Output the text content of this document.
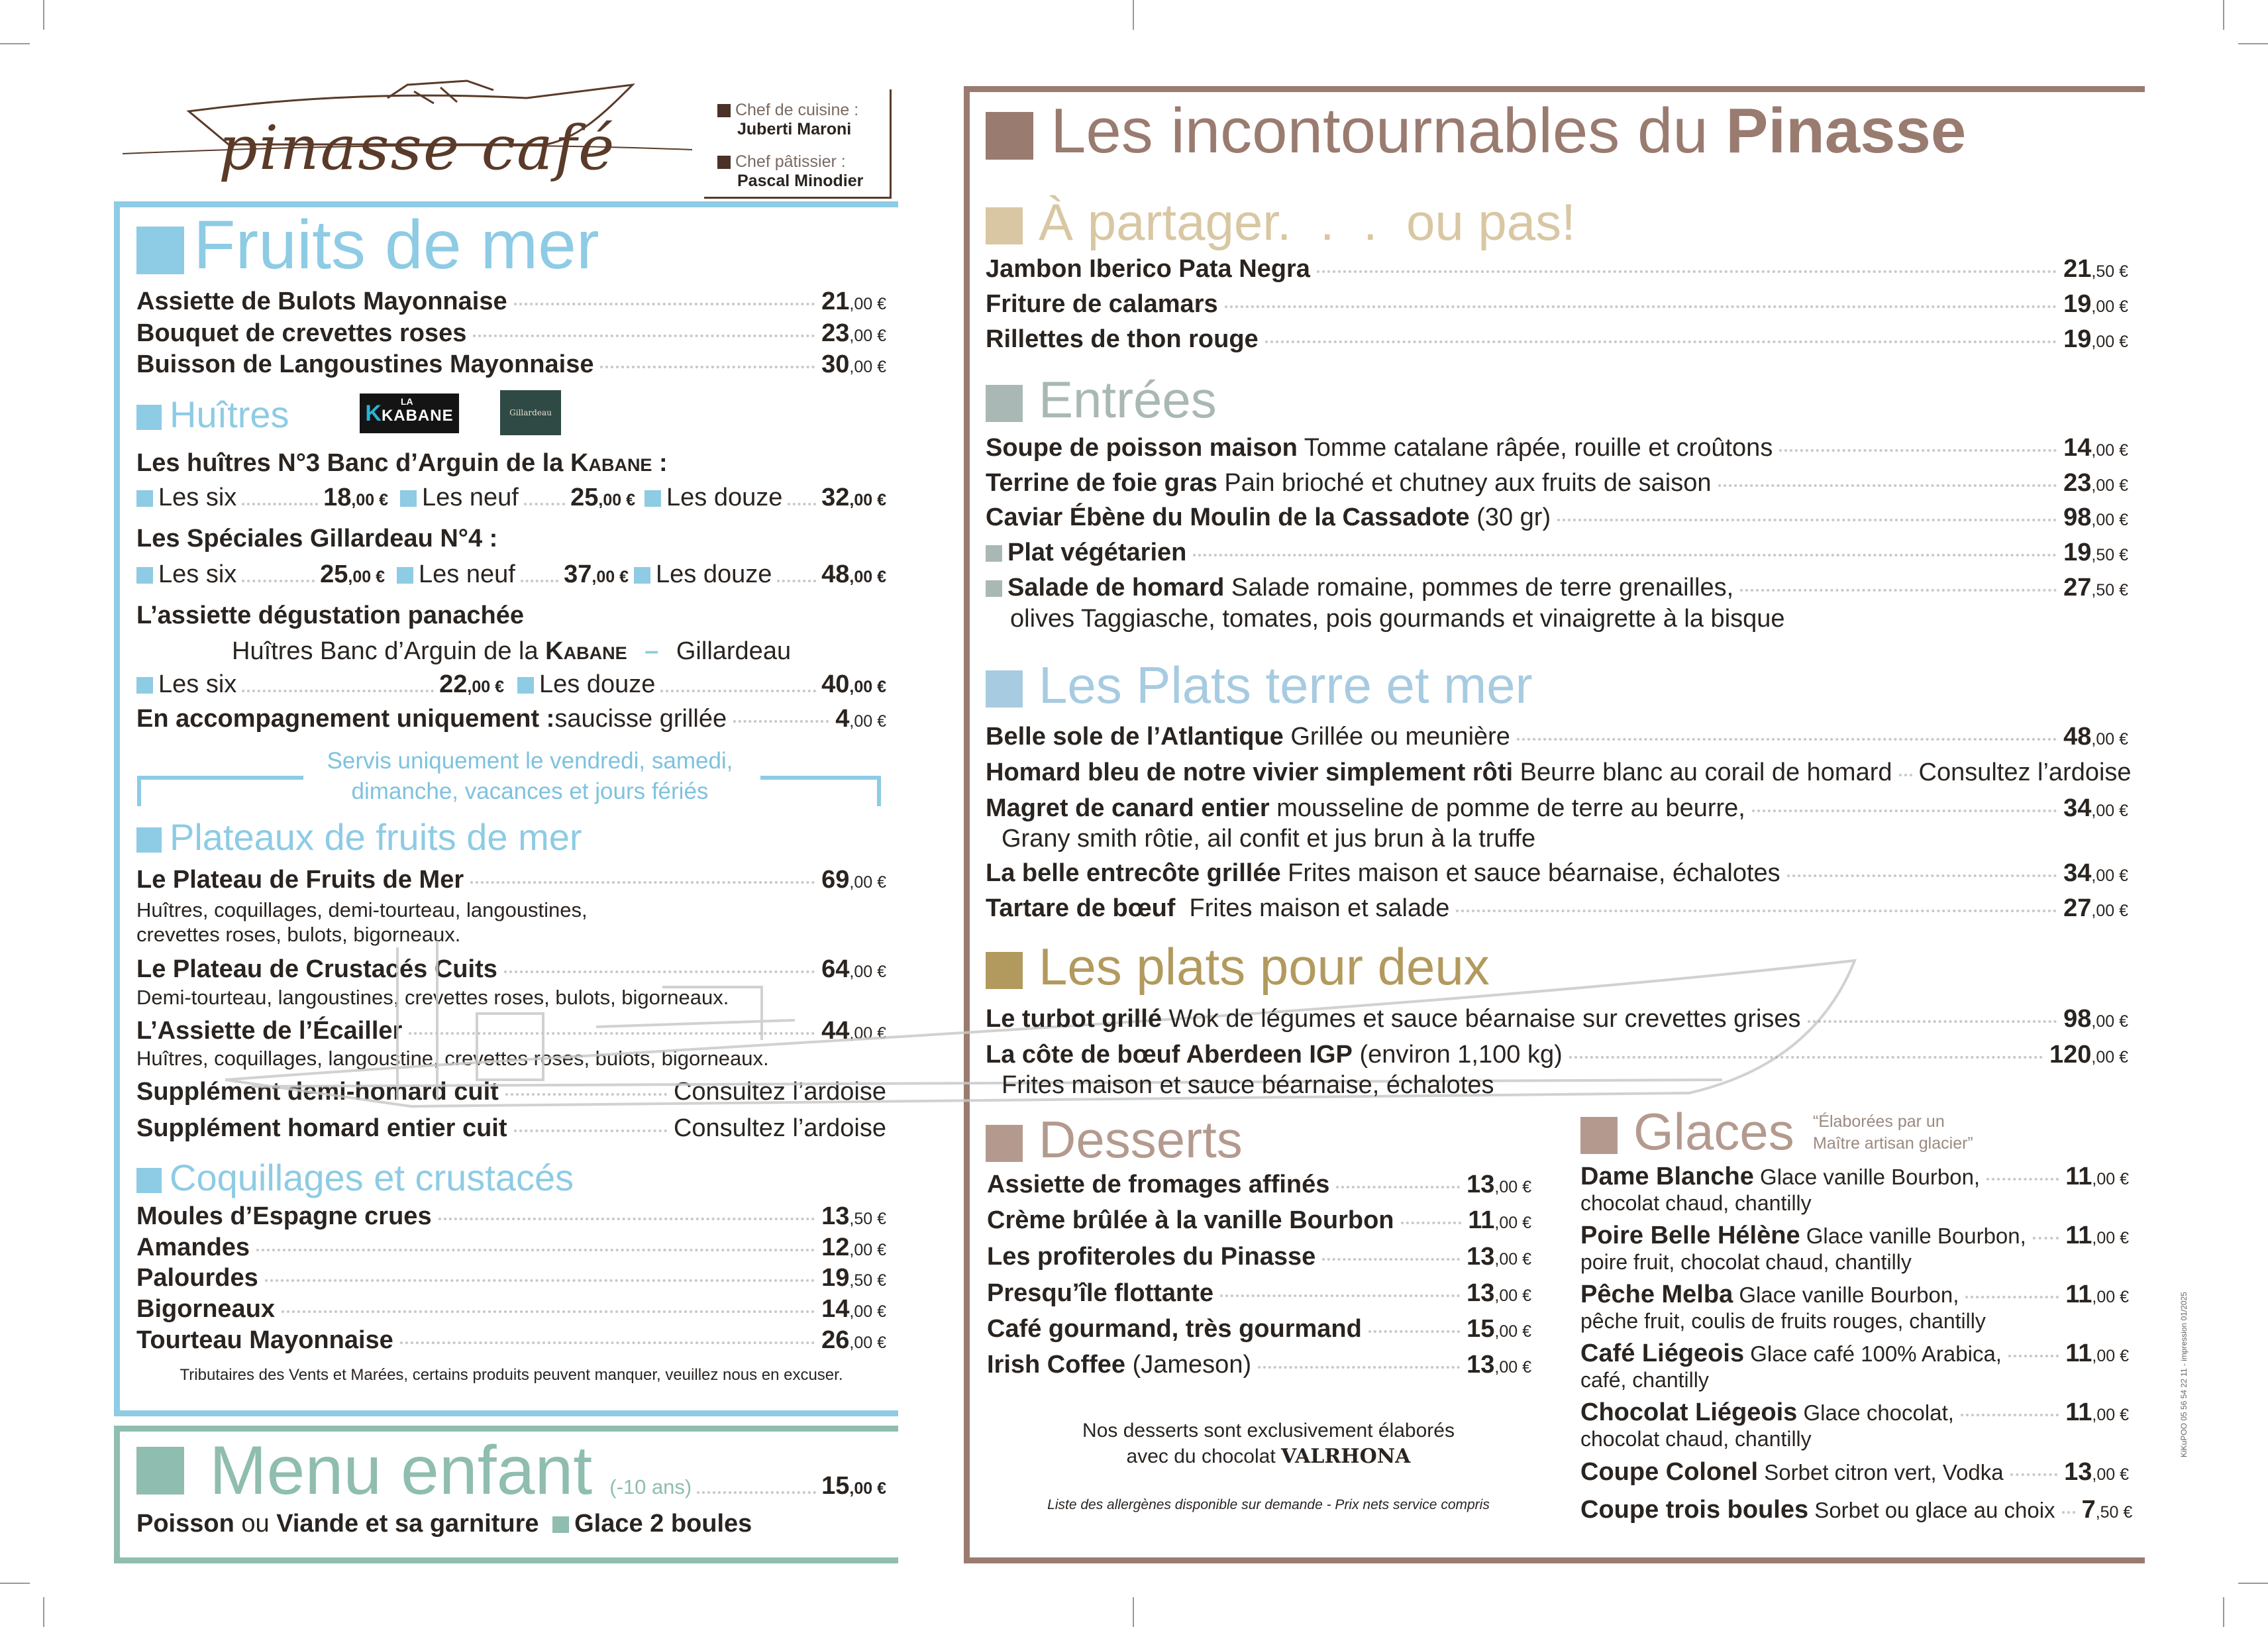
pinasse café
Chef de cuisine :
Juberti Maroni
Chef pâtissier :
Pascal Minodier
Fruits de mer
Assiette de Bulots Mayonnaise	21,00 €
Bouquet de crevettes roses	23,00 €
Buisson de Langoustines Mayonnaise	30,00 €
Huîtres	LA
KKABANE	Gillardeau
Les huîtres N°3 Banc d’Arguin de la Kabane :
Les six	18,00 € Les neuf 25,00 € Les douze 32,00 €
Les Spéciales Gillardeau N°4 :
Les six	25,00 € Les neuf 37,00 € Les douze 48,00 €
L’assiette dégustation panachée
Huîtres Banc d’Arguin de la Kabane – Gillardeau
Les six	22,00 € Les douze	40,00 €
En accompagnement uniquement : saucisse grillée	4,00 €
Servis uniquement le vendredi, samedi,
dimanche, vacances et jours fériés
Plateaux de fruits de mer
Le Plateau de Fruits de Mer	69,00 €
Huîtres, coquillages, demi-tourteau, langoustines,
crevettes roses, bulots, bigorneaux.
Le Plateau de Crustacés Cuits	64,00 €
Demi-tourteau, langoustines, crevettes roses, bulots, bigorneaux.
L’Assiette de l’Écailler	44,00 €
Huîtres, coquillages, langoustine, crevettes roses, bulots, bigorneaux.
Supplément demi-homard cuit	Consultez l’ardoise
Supplément homard entier cuit	Consultez l’ardoise
Coquillages et crustacés
Moules d’Espagne crues	13,50 €
Amandes	12,00 €
Palourdes	19,50 €
Bigorneaux	14,00 €
Tourteau Mayonnaise	26,00 €
Tributaires des Vents et Marées, certains produits peuvent manquer, veuillez nous en excuser.
Menu enfant (-10 ans)	15,00 €
Poisson ou Viande et sa garniture Glace 2 boules
Les incontournables du Pinasse
À partager.  .  .  ou pas!
Jambon Iberico Pata Negra	21,50 €
Friture de calamars	19,00 €
Rillettes de thon rouge	19,00 €
Entrées
Soupe de poisson maison Tomme catalane râpée, rouille et croûtons	14,00 €
Terrine de foie gras Pain brioché et chutney aux fruits de saison	23,00 €
Caviar Ébène du Moulin de la Cassadote (30 gr)	98,00 €
Plat végétarien	19,50 €
Salade de homard Salade romaine, pommes de terre grenailles,	27,50 €
olives Taggiasche, tomates, pois gourmands et vinaigrette à la bisque
Les Plats terre et mer
Belle sole de l’Atlantique Grillée ou meunière	48,00 €
Homard bleu de notre vivier simplement rôti Beurre blanc au corail de homard Consultez l’ardoise
Magret de canard entier mousseline de pomme de terre au beurre,	34,00 €
Grany smith rôtie, ail confit et jus brun à la truffe
La belle entrecôte grillée Frites maison et sauce béarnaise, échalotes	34,00 €
Tartare de bœuf Frites maison et salade	27,00 €
Les plats pour deux
Le turbot grillé Wok de légumes et sauce béarnaise sur crevettes grises	98,00 €
La côte de bœuf Aberdeen IGP (environ 1,100 kg)	120,00 €
Frites maison et sauce béarnaise, échalotes
Desserts
Assiette de fromages affinés	13,00 €
Crème brûlée à la vanille Bourbon	11,00 €
Les profiteroles du Pinasse	13,00 €
Presqu’île flottante	13,00 €
Café gourmand, très gourmand	15,00 €
Irish Coffee (Jameson)	13,00 €
Nos desserts sont exclusivement élaborés
avec du chocolat VALRHONA
Liste des allergènes disponible sur demande - Prix nets service compris
Glaces “Élaborées par un
Maître artisan glacier”
Dame Blanche Glace vanille Bourbon,	11,00 €
chocolat chaud, chantilly
Poire Belle Hélène Glace vanille Bourbon, 11,00 €
poire fruit, chocolat chaud, chantilly
Pêche Melba Glace vanille Bourbon,	11,00 €
pêche fruit, coulis de fruits rouges, chantilly
Café Liégeois Glace café 100% Arabica,	11,00 €
café, chantilly
Chocolat Liégeois Glace chocolat,	11,00 €
chocolat chaud, chantilly
Coupe Colonel Sorbet citron vert, Vodka 13,00 €
Coupe trois boules Sorbet ou glace au choix 7,50 €
KiKuPOO 05 56 54 22 11 - impression 01/2025
